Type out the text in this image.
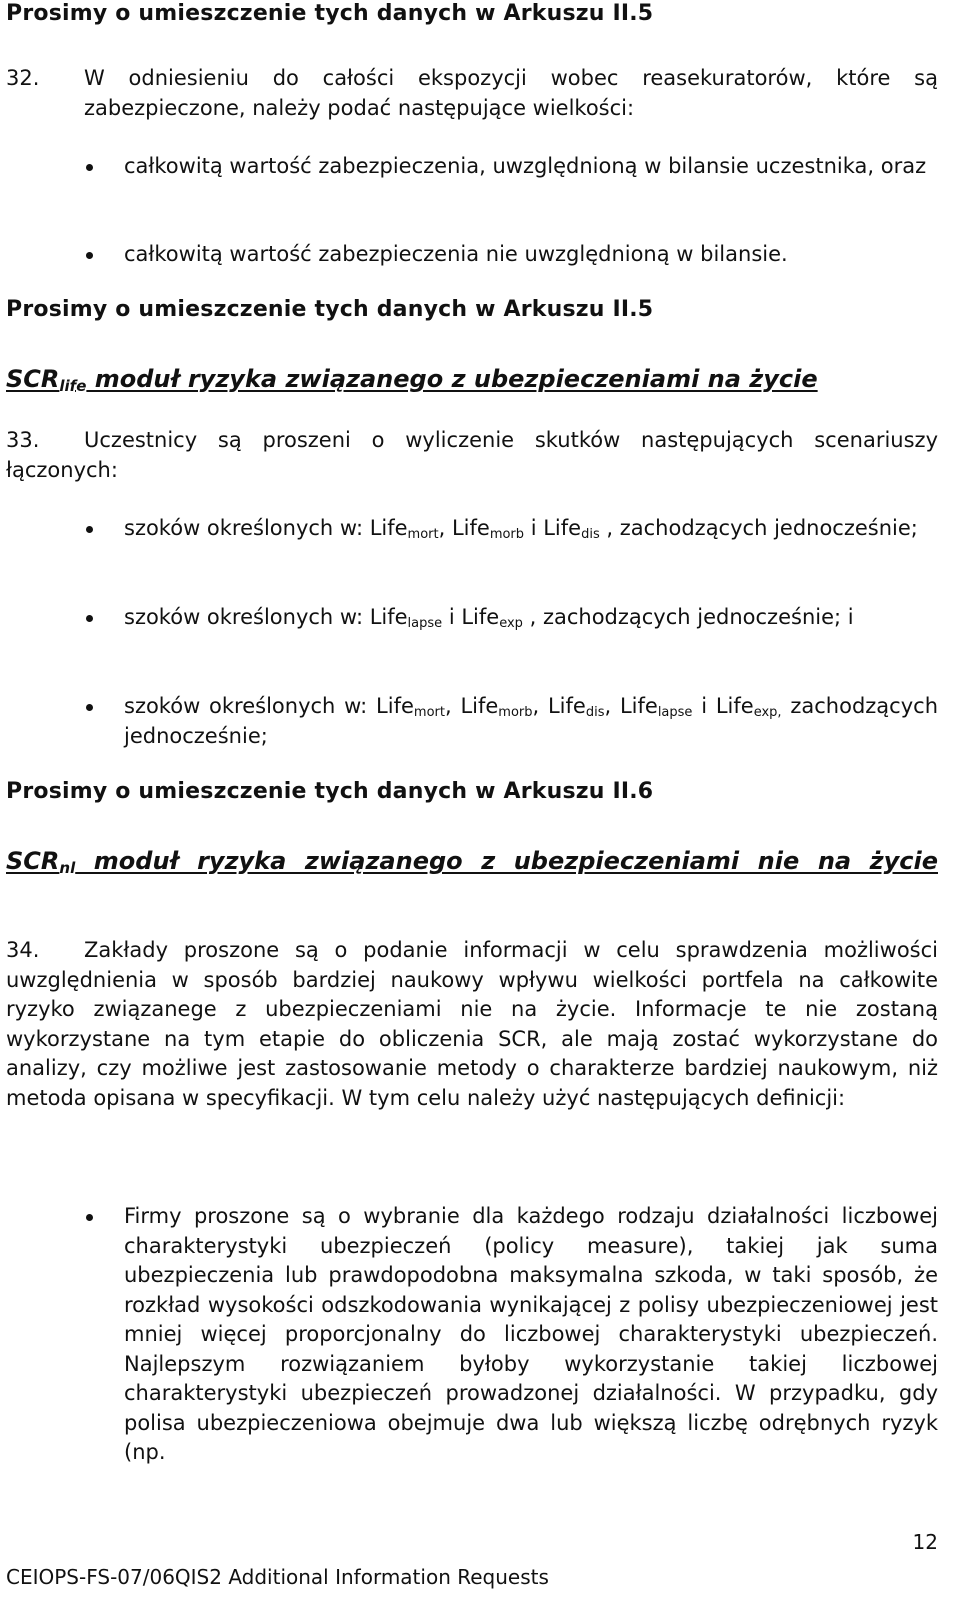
Prosimy o umieszczenie tych danych w Arkuszu II.5
32. W odniesieniu do całości ekspozycji wobec reasekuratorów, które są zabezpieczone, należy podać następujące wielkości:
całkowitą wartość zabezpieczenia, uwzględnioną w bilansie uczestnika, oraz
całkowitą wartość zabezpieczenia nie uwzględnioną w bilansie.
Prosimy o umieszczenie tych danych w Arkuszu II.5
$SCR_{life}$ moduł ryzyka związanego z ubezpieczeniami na życie
33.	Uczestnicy są proszeni o wyliczenie skutków następujących scenariuszy łączonych:
szoków określonych w: Life$_{mort}$, Life$_{morb}$ i Life$_{dis}$ , zachodzących jednocześnie;
szoków określonych w: Life$_{lapse}$ i Life$_{exp}$ , zachodzących jednocześnie; i
szoków określonych w: Life$_{mort}$, Life$_{morb}$, Life$_{dis}$, Life$_{lapse}$ i Life$_{exp,}$ zachodzących jednocześnie;
Prosimy o umieszczenie tych danych w Arkuszu II.6
$SCR_{nl}$ moduł ryzyka związanego z ubezpieczeniami nie na życie
34.	Zakłady proszone są o podanie informacji w celu sprawdzenia możliwości uwzględnienia w sposób bardziej naukowy wpływu wielkości portfela na całkowite ryzyko związanege z ubezpieczeniami nie na życie. Informacje te nie zostaną wykorzystane na tym etapie do obliczenia SCR, ale mają zostać wykorzystane do analizy, czy możliwe jest zastosowanie metody o charakterze bardziej naukowym, niż metoda opisana w specyfikacji. W tym celu należy użyć następujących definicji:
Firmy proszone są o wybranie dla każdego rodzaju działalności liczbowej charakterystyki ubezpieczeń (policy measure), takiej jak suma ubezpieczenia lub prawdopodobna maksymalna szkoda, w taki sposób, że rozkład wysokości odszkodowania wynikającej z polisy ubezpieczeniowej jest mniej więcej proporcjonalny do liczbowej charakterystyki ubezpieczeń. Najlepszym rozwiązaniem byłoby wykorzystanie takiej liczbowej charakterystyki ubezpieczeń prowadzonej działalności. W przypadku, gdy polisa ubezpieczeniowa obejmuje dwa lub większą liczbę odrębnych ryzyk (np.
12
CEIOPS-FS-07/06QIS2 Additional Information Requests
